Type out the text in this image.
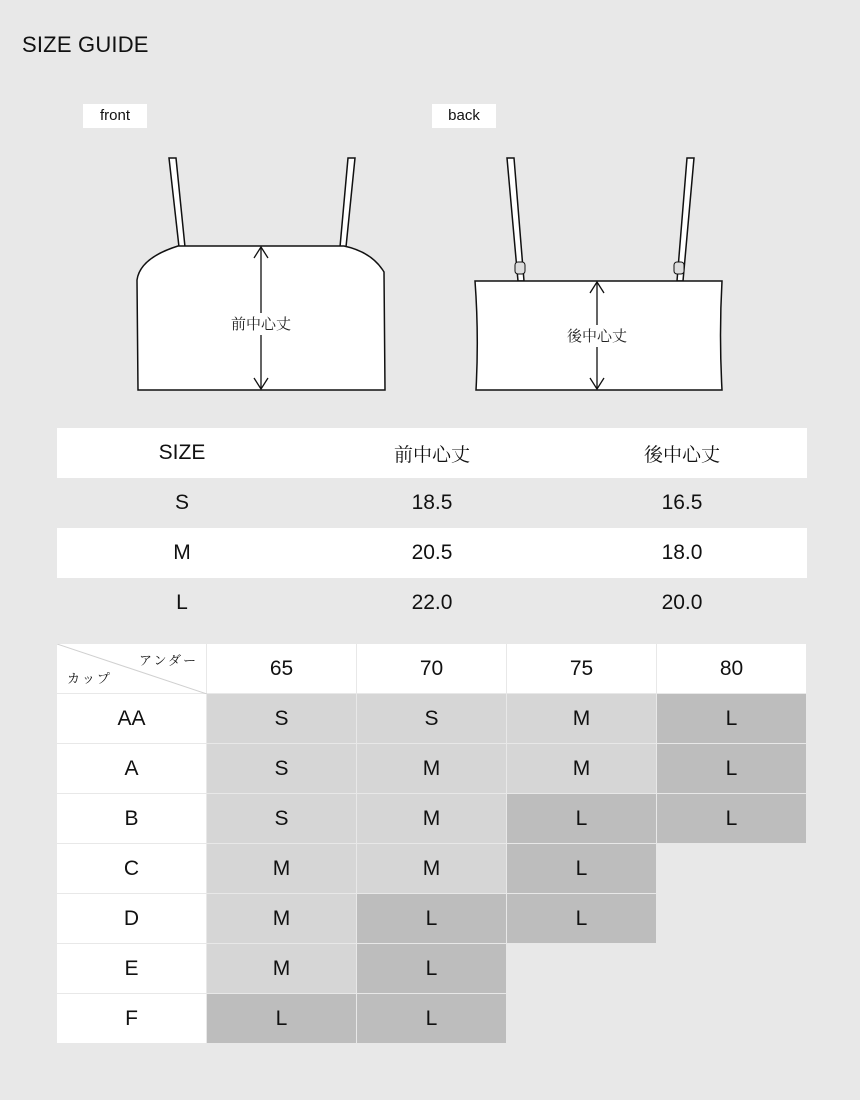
SIZE GUIDE
front	back
前中心丈
後中心丈
SIZE	前中心丈	後中心丈
S	18.5	16.5
M	20.5	18.0
L	22.0	20.0
アンダー
カップ	65	70	75	80
AA	S	S	M	L
A	S	M	M	L
B	S	M	L	L
C	M	M	L
D	M	L	L
E	M	L
F	L	L
